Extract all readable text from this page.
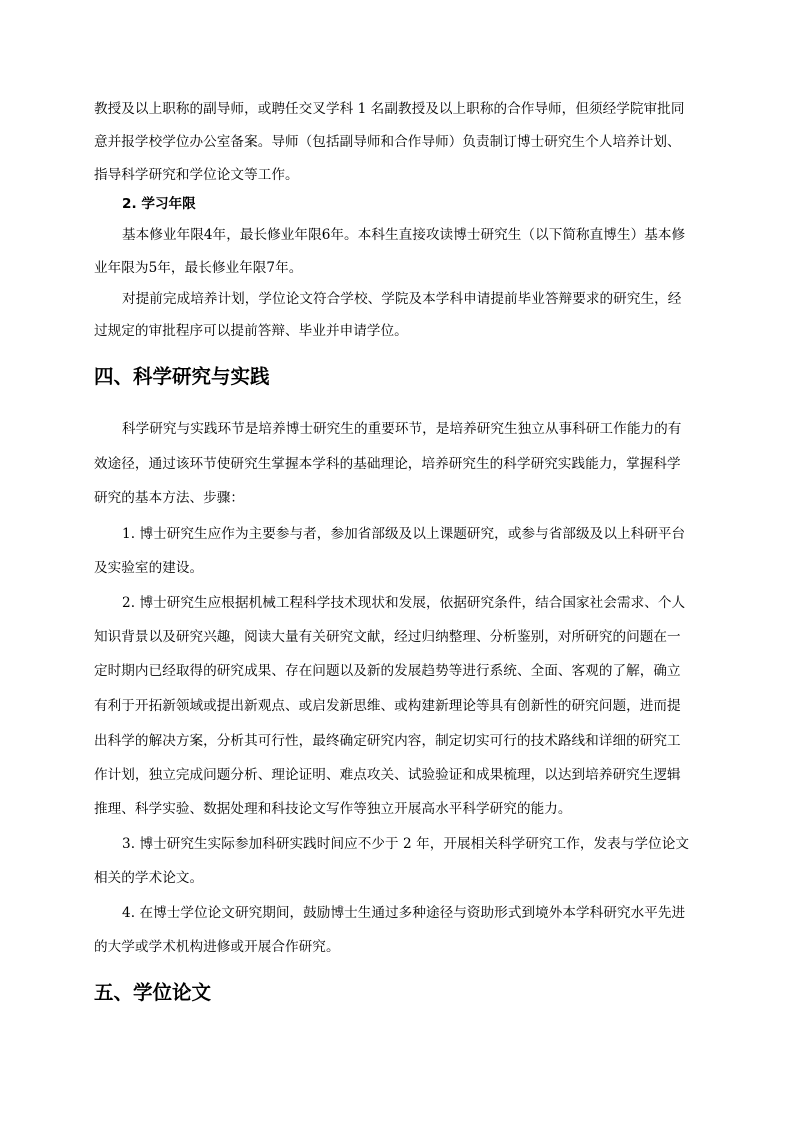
教授及以上职称的副导师，或聘任交叉学科 1 名副教授及以上职称的合作导师，但须经学院审批同
意并报学校学位办公室备案。导师（包括副导师和合作导师）负责制订博士研究生个人培养计划、
指导科学研究和学位论文等工作。
2. 学习年限
基本修业年限4年，最长修业年限6年。本科生直接攻读博士研究生（以下简称直博生）基本修
业年限为5年，最长修业年限7年。
对提前完成培养计划，学位论文符合学校、学院及本学科申请提前毕业答辩要求的研究生，经
过规定的审批程序可以提前答辩、毕业并申请学位。
四、科学研究与实践
科学研究与实践环节是培养博士研究生的重要环节，是培养研究生独立从事科研工作能力的有
效途径，通过该环节使研究生掌握本学科的基础理论，培养研究生的科学研究实践能力，掌握科学
研究的基本方法、步骤：
1. 博士研究生应作为主要参与者，参加省部级及以上课题研究，或参与省部级及以上科研平台
及实验室的建设。
2. 博士研究生应根据机械工程科学技术现状和发展，依据研究条件，结合国家社会需求、个人
知识背景以及研究兴趣，阅读大量有关研究文献，经过归纳整理、分析鉴别，对所研究的问题在一
定时期内已经取得的研究成果、存在问题以及新的发展趋势等进行系统、全面、客观的了解，确立
有利于开拓新领域或提出新观点、或启发新思维、或构建新理论等具有创新性的研究问题，进而提
出科学的解决方案，分析其可行性，最终确定研究内容，制定切实可行的技术路线和详细的研究工
作计划，独立完成问题分析、理论证明、难点攻关、试验验证和成果梳理，以达到培养研究生逻辑
推理、科学实验、数据处理和科技论文写作等独立开展高水平科学研究的能力。
3. 博士研究生实际参加科研实践时间应不少于 2 年，开展相关科学研究工作，发表与学位论文
相关的学术论文。
4. 在博士学位论文研究期间，鼓励博士生通过多种途径与资助形式到境外本学科研究水平先进
的大学或学术机构进修或开展合作研究。
五、学位论文
